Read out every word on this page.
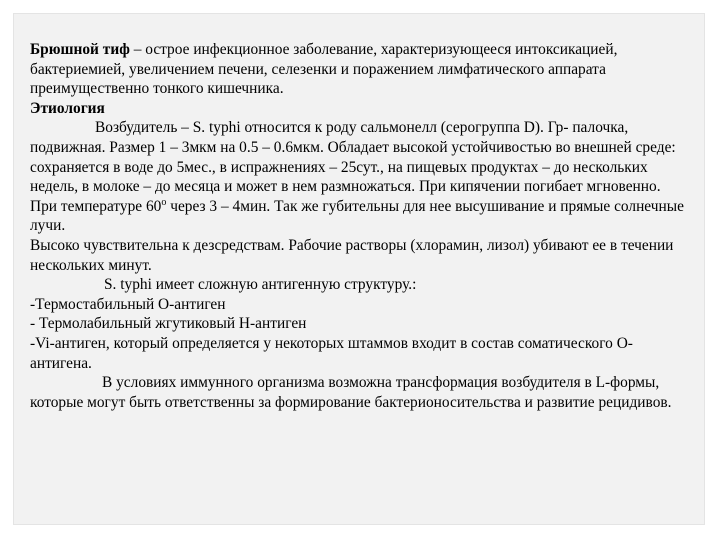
Брюшной тиф – острое инфекционное заболевание, характеризующееся интоксикацией, бактериемией, увеличением печени, селезенки и поражением лимфатического аппарата преимущественно тонкого кишечника.

Этиология

Возбудитель – S. typhi относится к роду сальмонелл (серогруппа D). Гр- палочка, подвижная. Размер 1 – 3мкм на 0.5 – 0.6мкм. Обладает высокой устойчивостью во внешней среде: сохраняется в воде до 5мес., в испражнениях – 25сут., на пищевых продуктах – до нескольких недель, в молоке – до месяца и может в нем размножаться. При кипячении погибает мгновенно. При температуре $60^о$ через 3 – 4мин. Так же губительны для нее высушивание и прямые солнечные лучи.

Высоко чувствительна к дезсредствам. Рабочие растворы (хлорамин, лизол) убивают ее в течении нескольких минут.

S. typhi имеет сложную антигенную структуру.:

-Термостабильный О-антиген

- Термолабильный жгутиковый Н-антиген

-Vi-антиген, который определяется у некоторых штаммов входит в состав соматического О-антигена.

В условиях иммунного организма возможна трансформация возбудителя в L-формы, которые могут быть ответственны за формирование бактерионосительства и развитие рецидивов.
